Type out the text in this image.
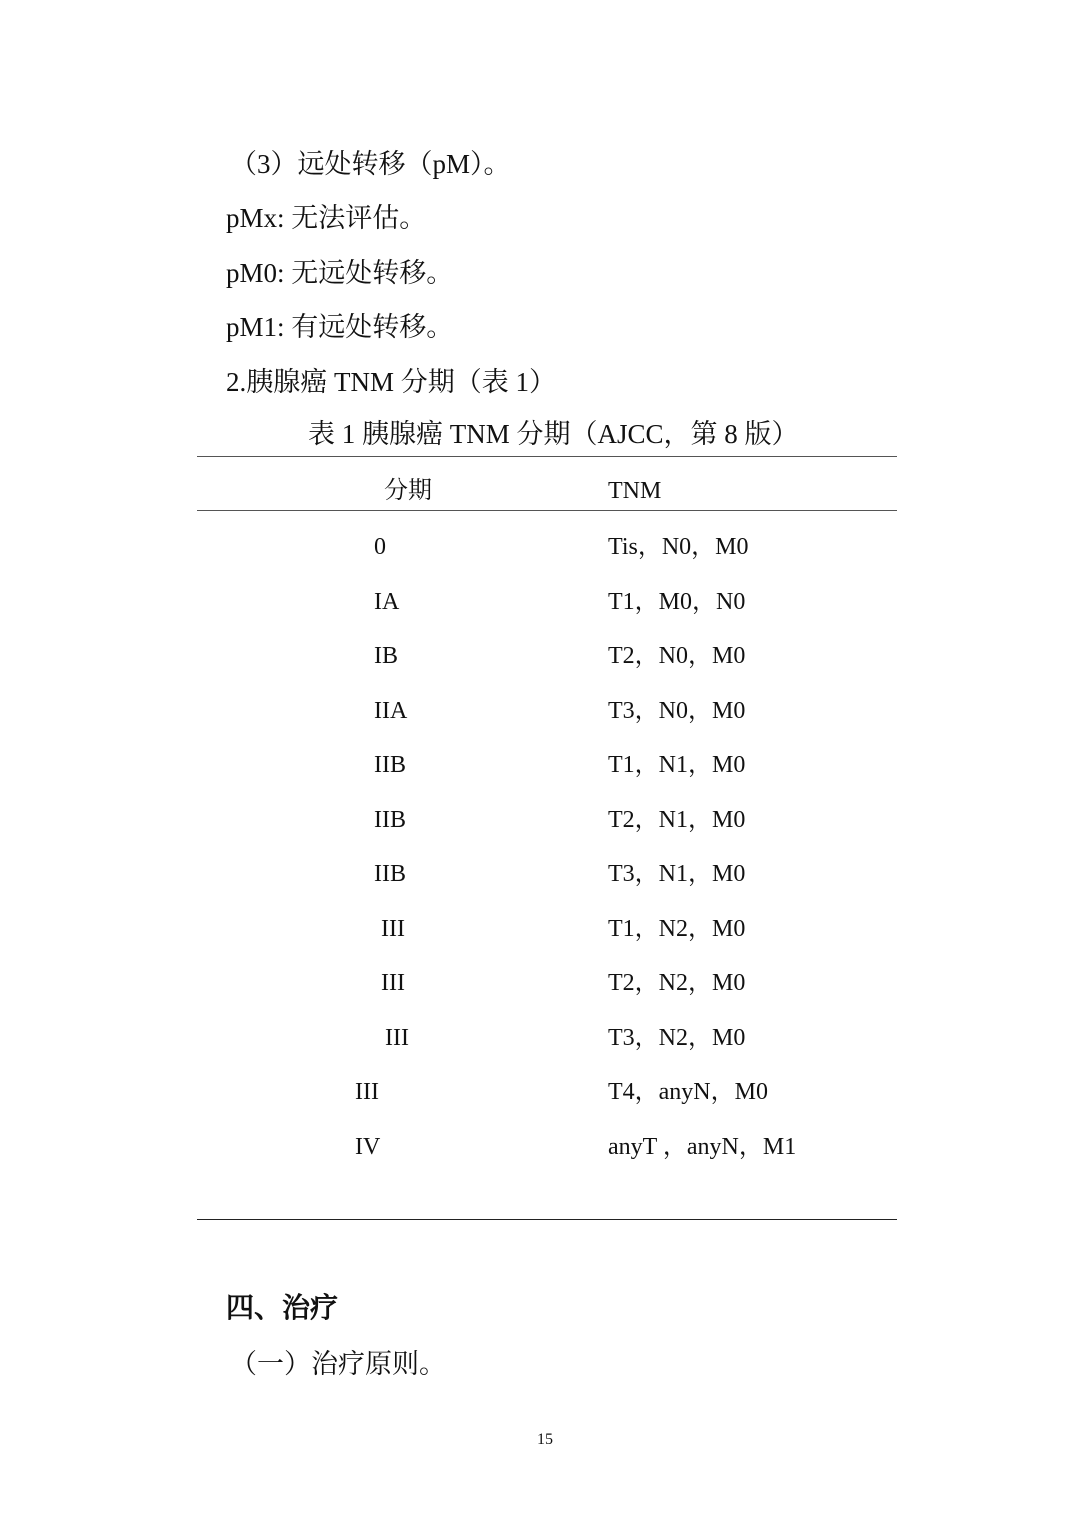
（3）远处转移（pM）。
pMx: 无法评估。
pM0: 无远处转移。
pM1: 有远处转移。
2.胰腺癌 TNM 分期（表 1）
表 1 胰腺癌 TNM 分期（AJCC，第 8 版）
分期	TNM
0	Tis，N0，M0
IA	T1，M0，N0
IB	T2，N0，M0
IIA	T3，N0，M0
IIB	T1，N1，M0
IIB	T2，N1，M0
IIB	T3，N1，M0
III	T1，N2，M0
III	T2，N2，M0
III	T3，N2，M0
III	T4，anyN，M0
IV	anyT ，anyN，M1
四、治疗
（一）治疗原则。
15
